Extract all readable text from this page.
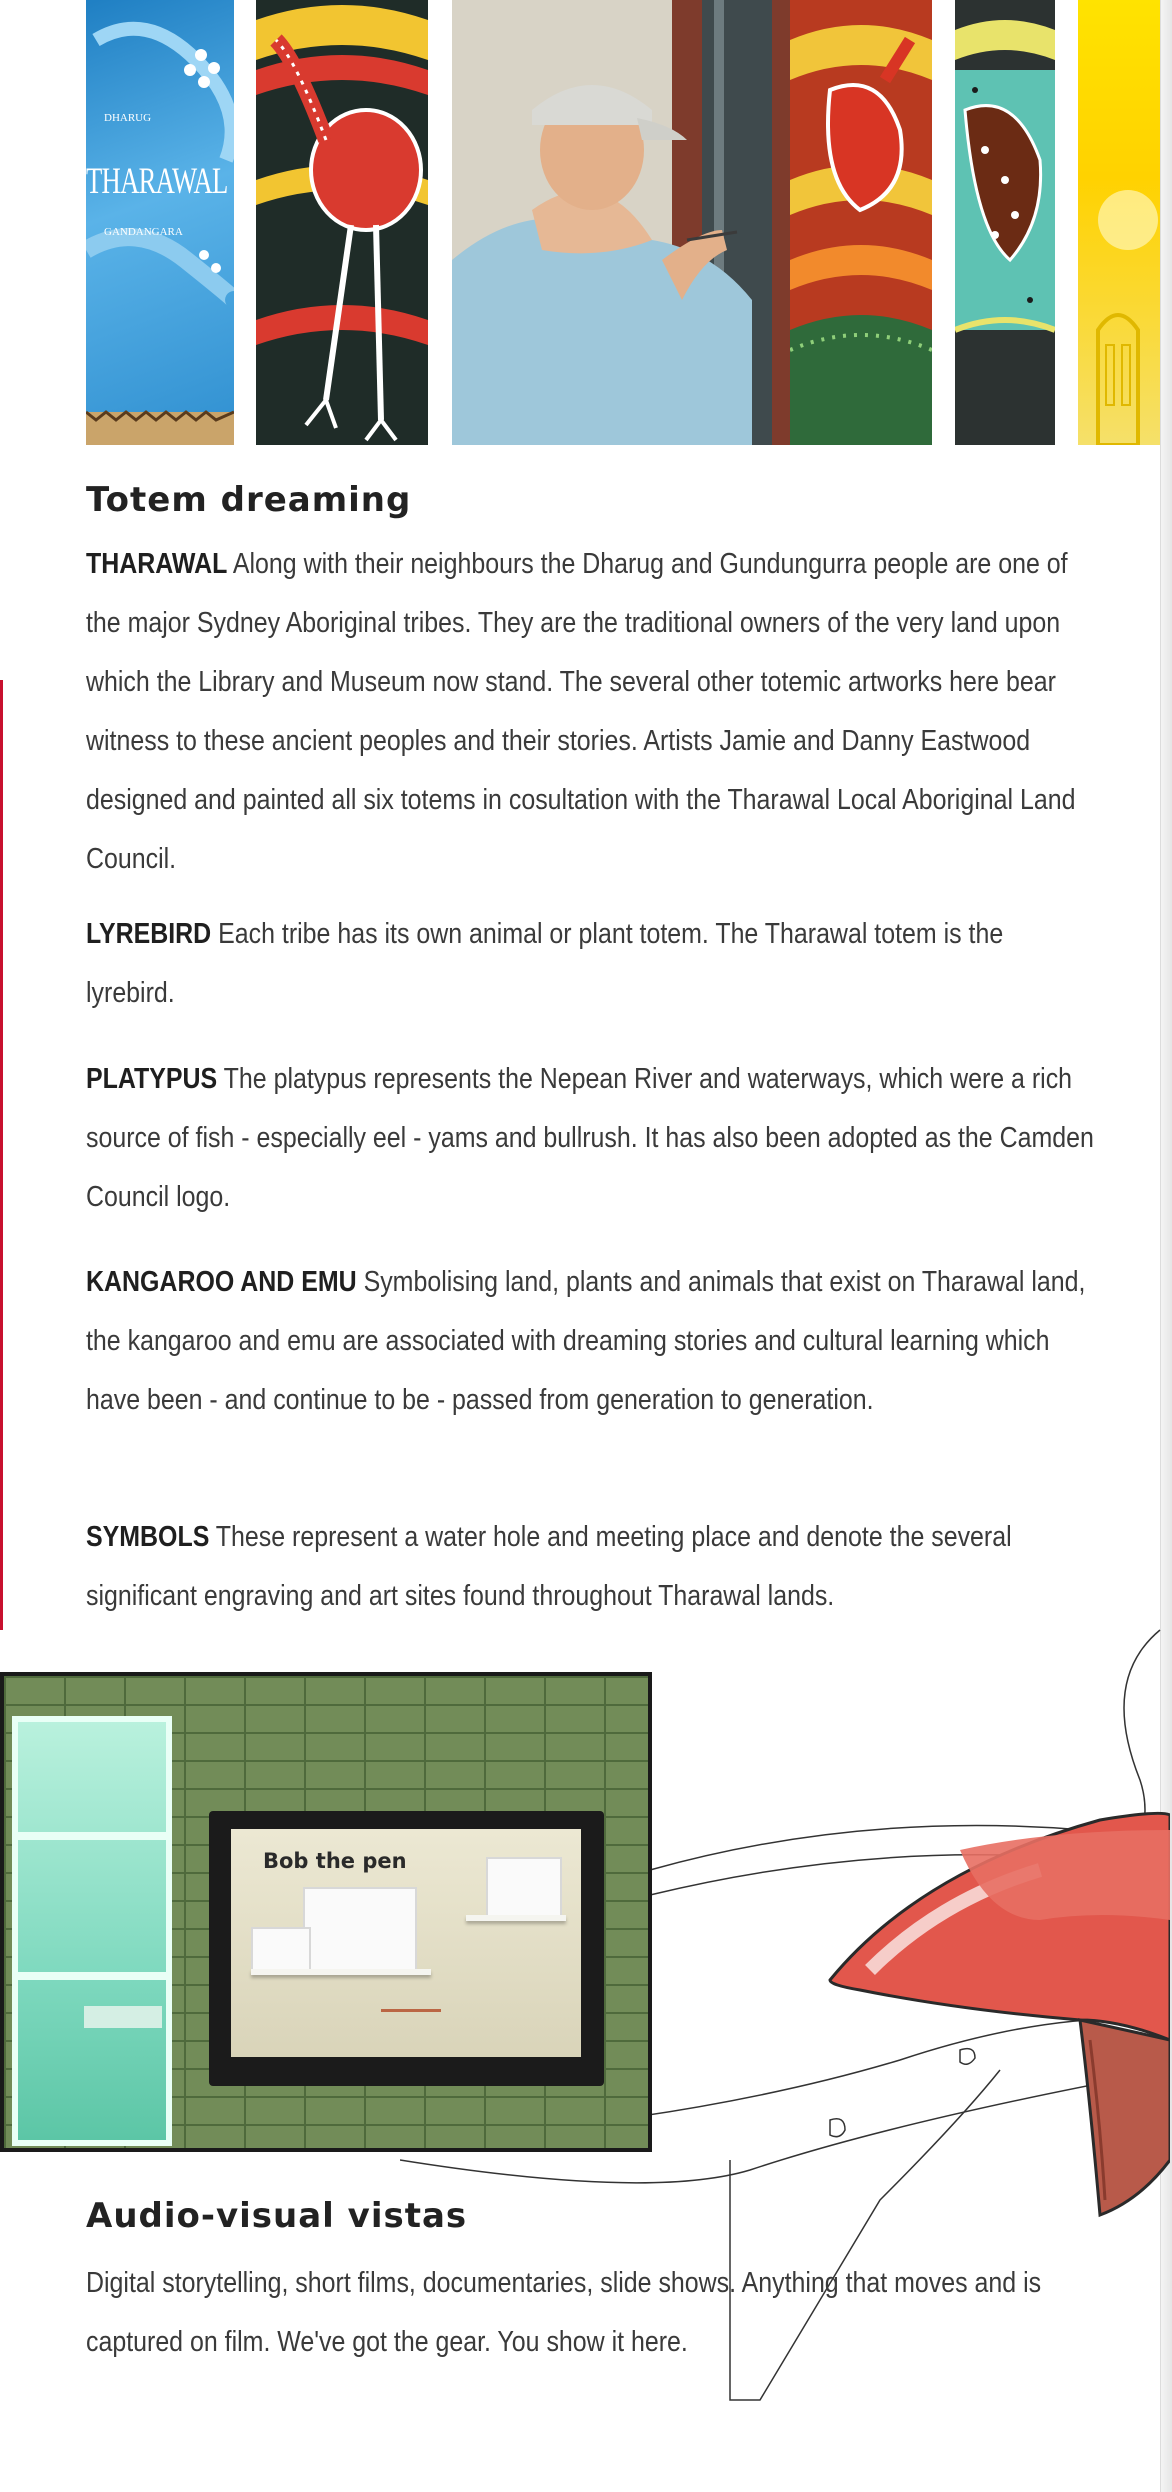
DHARUG
THARAWAL
GANDANGARA
Totem dreaming
THARAWAL Along with their neighbours the Dharug and Gundungurra people are one of the major Sydney Aboriginal tribes. They are the traditional owners of the very land upon which the Library and Museum now stand. The several other totemic artworks here bear witness to these ancient peoples and their stories. Artists Jamie and Danny Eastwood designed and painted all six totems in cosultation with the Tharawal Local Aboriginal Land Council.
LYREBIRD Each tribe has its own animal or plant totem. The Tharawal totem is the lyrebird.
PLATYPUS The platypus represents the Nepean River and waterways, which were a rich source of fish - especially eel - yams and bullrush. It has also been adopted as the Camden Council logo.
KANGAROO AND EMU Symbolising land, plants and animals that exist on Tharawal land, the kangaroo and emu are associated with dreaming stories and cultural learning which have been - and continue to be - passed from generation to generation.
SYMBOLS These represent a water hole and meeting place and denote the several significant engraving and art sites found throughout Tharawal lands.
Bob the pen
Audio-visual vistas
Digital storytelling, short films, documentaries, slide shows. Anything that moves and is captured on film. We've got the gear. You show it here.
